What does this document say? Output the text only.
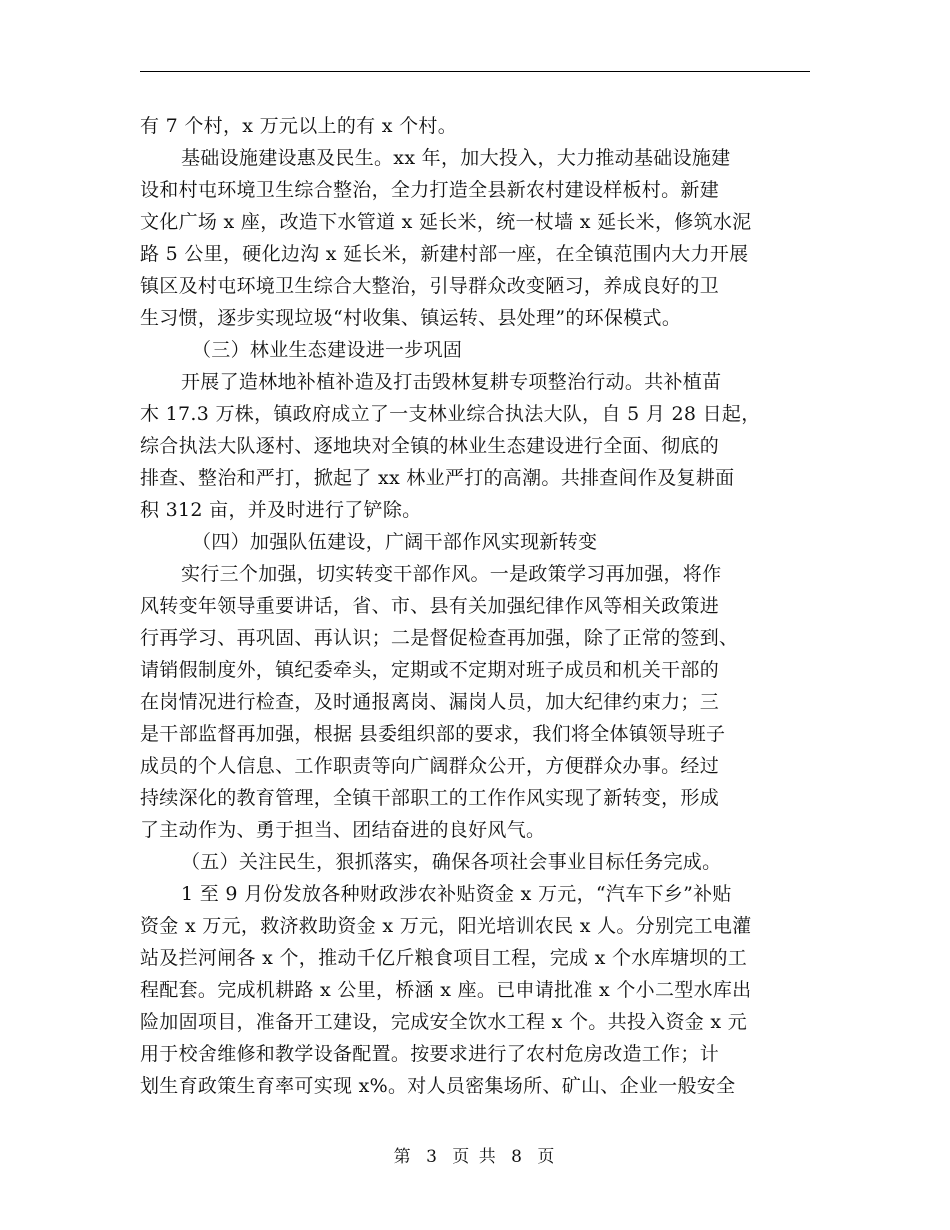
有 7 个村，x 万元以上的有 x 个村。
基础设施建设惠及民生。xx 年，加大投入，大力推动基础设施建
设和村屯环境卫生综合整治，全力打造全县新农村建设样板村。新建
文化广场 x 座，改造下水管道 x 延长米，统一杖墙 x 延长米，修筑水泥
路 5 公里，硬化边沟 x 延长米，新建村部一座，在全镇范围内大力开展
镇区及村屯环境卫生综合大整治，引导群众改变陋习，养成良好的卫
生习惯，逐步实现垃圾“村收集、镇运转、县处理”的环保模式。
（三）林业生态建设进一步巩固
开展了造林地补植补造及打击毁林复耕专项整治行动。共补植苗
木 17.3 万株，镇政府成立了一支林业综合执法大队，自 5 月 28 日起，
综合执法大队逐村、逐地块对全镇的林业生态建设进行全面、彻底的
排查、整治和严打，掀起了 xx 林业严打的高潮。共排查间作及复耕面
积 312 亩，并及时进行了铲除。
（四）加强队伍建设，广阔干部作风实现新转变
实行三个加强，切实转变干部作风。一是政策学习再加强，将作
风转变年领导重要讲话，省、市、县有关加强纪律作风等相关政策进
行再学习、再巩固、再认识；二是督促检查再加强，除了正常的签到、
请销假制度外，镇纪委牵头，定期或不定期对班子成员和机关干部的
在岗情况进行检查，及时通报离岗、漏岗人员，加大纪律约束力；三
是干部监督再加强，根据 县委组织部的要求，我们将全体镇领导班子
成员的个人信息、工作职责等向广阔群众公开，方便群众办事。经过
持续深化的教育管理，全镇干部职工的工作作风实现了新转变，形成
了主动作为、勇于担当、团结奋进的良好风气。
（五）关注民生，狠抓落实，确保各项社会事业目标任务完成。
1 至 9 月份发放各种财政涉农补贴资金 x 万元，“汽车下乡”补贴
资金 x 万元，救济救助资金 x 万元，阳光培训农民 x 人。分别完工电灌
站及拦河闸各 x 个，推动千亿斤粮食项目工程，完成 x 个水库塘坝的工
程配套。完成机耕路 x 公里，桥涵 x 座。已申请批准 x 个小二型水库出
险加固项目，准备开工建设，完成安全饮水工程 x 个。共投入资金 x 元
用于校舍维修和教学设备配置。按要求进行了农村危房改造工作；计
划生育政策生育率可实现 x%。对人员密集场所、矿山、企业一般安全
第 3 页 共 8 页
